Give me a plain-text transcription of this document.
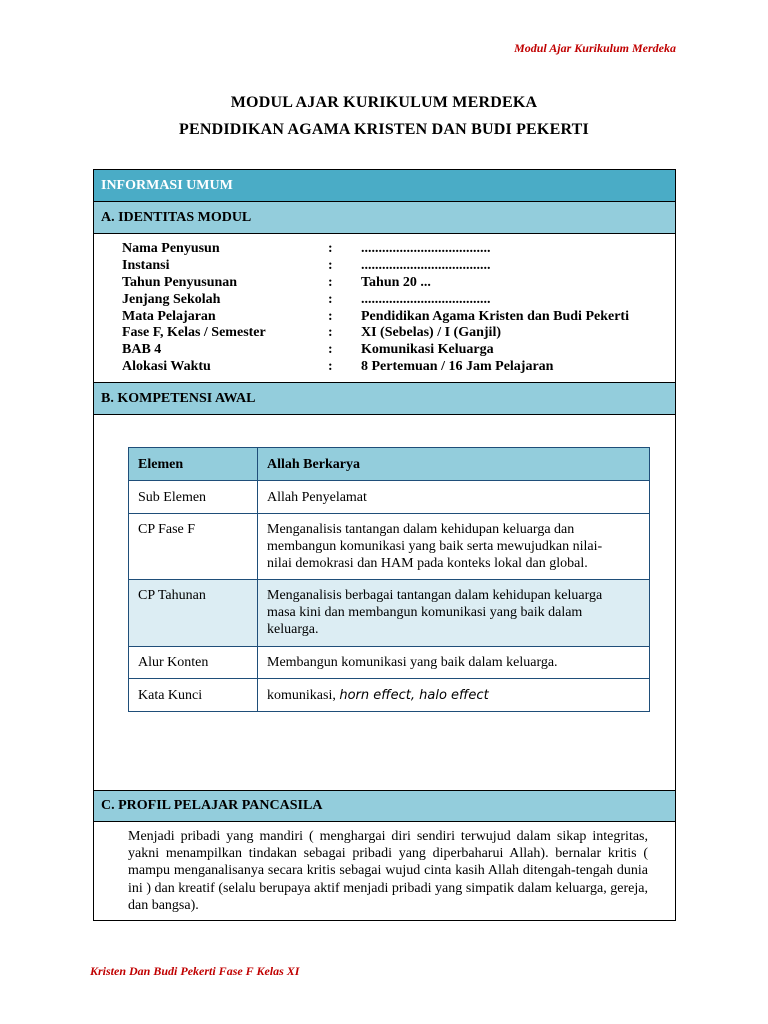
Modul Ajar Kurikulum Merdeka
MODUL AJAR KURIKULUM MERDEKA
PENDIDIKAN AGAMA KRISTEN DAN BUDI PEKERTI
INFORMASI UMUM
A. IDENTITAS MODUL
Nama Penyusun	: .....................................
Instansi	: .....................................
Tahun Penyusunan	: Tahun 20 ...
Jenjang Sekolah	: .....................................
Mata Pelajaran	: Pendidikan Agama Kristen dan Budi Pekerti
Fase F, Kelas / Semester	: XI (Sebelas) / I (Ganjil)
BAB 4	: Komunikasi Keluarga
Alokasi Waktu	: 8 Pertemuan / 16 Jam Pelajaran
B. KOMPETENSI AWAL
Elemen	Allah Berkarya
Sub Elemen	Allah Penyelamat
CP Fase F	Menganalisis tantangan dalam kehidupan keluarga dan
membangun komunikasi yang baik serta mewujudkan nilai-
nilai demokrasi dan HAM pada konteks lokal dan global.

CP Tahunan	Menganalisis berbagai tantangan dalam kehidupan keluarga
masa kini dan membangun komunikasi yang baik dalam
keluarga.

Alur Konten	Membangun komunikasi yang baik dalam keluarga.
Kata Kunci	komunikasi, horn effect, halo effect
C. PROFIL PELAJAR PANCASILA
Menjadi pribadi yang mandiri ( menghargai diri sendiri terwujud dalam sikap integritas, yakni menampilkan tindakan sebagai pribadi yang diperbaharui Allah). bernalar kritis ( mampu menganalisanya secara kritis sebagai wujud cinta kasih Allah ditengah-tengah dunia ini ) dan kreatif (selalu berupaya aktif menjadi pribadi yang simpatik dalam keluarga, gereja, dan bangsa).
Kristen Dan Budi Pekerti Fase F Kelas XI
